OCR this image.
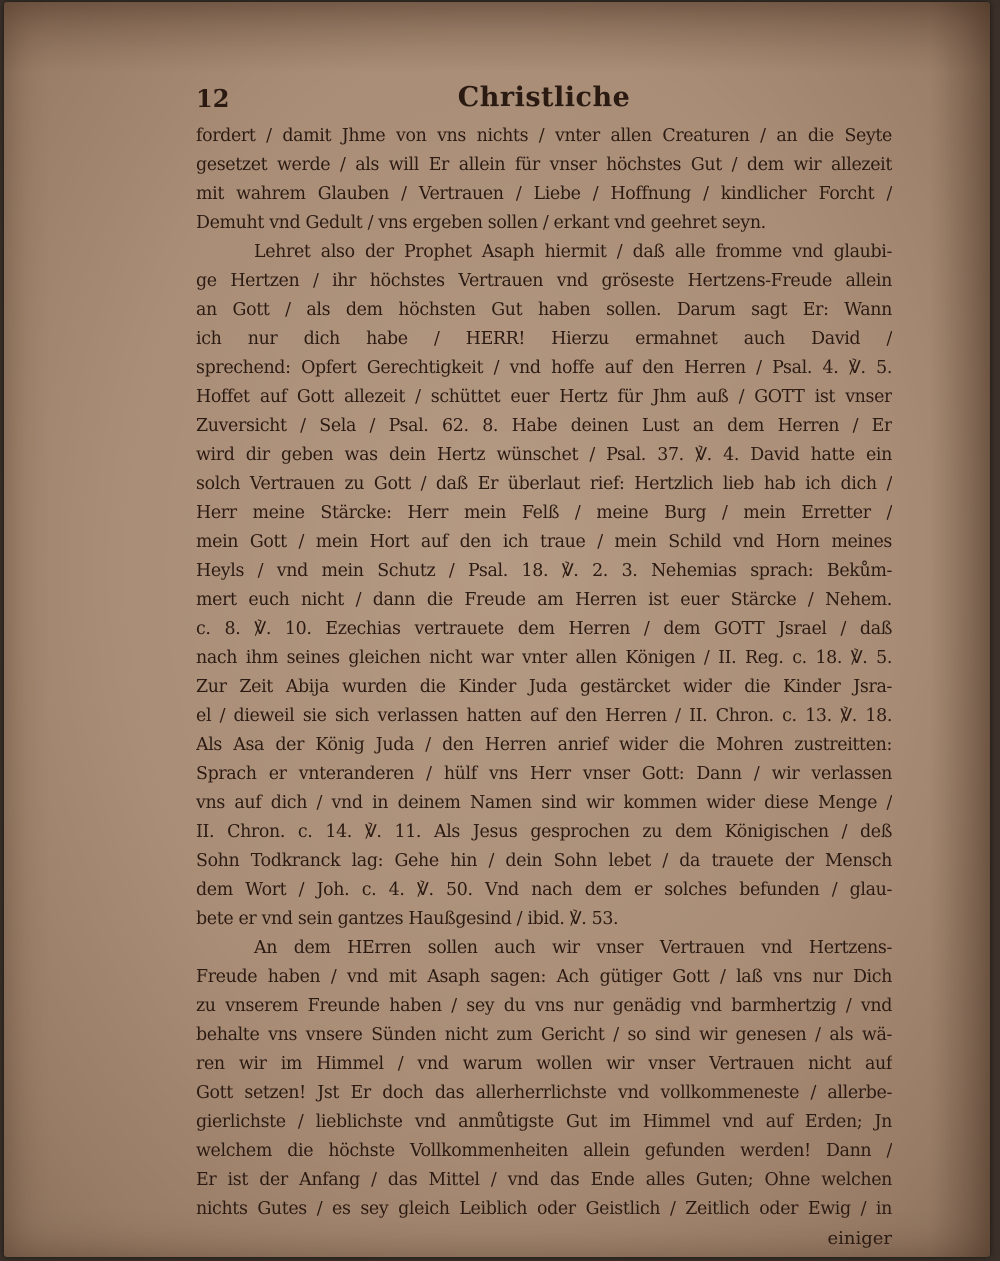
12	Christliche
fordert / damit Jhme von vns nichts / vnter allen Creaturen / an die Seyte
gesetzet werde / als will Er allein für vnser höchstes Gut / dem wir allezeit
mit wahrem Glauben / Vertrauen / Liebe / Hoffnung / kindlicher Forcht /
Demuht vnd Gedult / vns ergeben sollen / erkant vnd geehret seyn.
Lehret also der Prophet Asaph hiermit / daß alle fromme vnd glaubi-
ge Hertzen / ihr höchstes Vertrauen vnd gröseste Hertzens-Freude allein
an Gott / als dem höchsten Gut haben sollen. Darum sagt Er: Wann
ich nur dich habe / HERR! Hierzu ermahnet auch David /
sprechend: Opfert Gerechtigkeit / vnd hoffe auf den Herren / Psal. 4. ℣. 5.
Hoffet auf Gott allezeit / schüttet euer Hertz für Jhm auß / GOTT ist vnser
Zuversicht / Sela / Psal. 62. 8. Habe deinen Lust an dem Herren / Er
wird dir geben was dein Hertz wünschet / Psal. 37. ℣. 4. David hatte ein
solch Vertrauen zu Gott / daß Er überlaut rief: Hertzlich lieb hab ich dich /
Herr meine Stärcke: Herr mein Felß / meine Burg / mein Erretter /
mein Gott / mein Hort auf den ich traue / mein Schild vnd Horn meines
Heyls / vnd mein Schutz / Psal. 18. ℣. 2. 3. Nehemias sprach: Bekům-
mert euch nicht / dann die Freude am Herren ist euer Stärcke / Nehem.
c. 8. ℣. 10. Ezechias vertrauete dem Herren / dem GOTT Jsrael / daß
nach ihm seines gleichen nicht war vnter allen Königen / II. Reg. c. 18. ℣. 5.
Zur Zeit Abija wurden die Kinder Juda gestärcket wider die Kinder Jsra-
el / dieweil sie sich verlassen hatten auf den Herren / II. Chron. c. 13. ℣. 18.
Als Asa der König Juda / den Herren anrief wider die Mohren zustreitten:
Sprach er vnteranderen / hülf vns Herr vnser Gott: Dann / wir verlassen
vns auf dich / vnd in deinem Namen sind wir kommen wider diese Menge /
II. Chron. c. 14. ℣. 11. Als Jesus gesprochen zu dem Königischen / deß
Sohn Todkranck lag: Gehe hin / dein Sohn lebet / da trauete der Mensch
dem Wort / Joh. c. 4. ℣. 50. Vnd nach dem er solches befunden / glau-
bete er vnd sein gantzes Haußgesind / ibid. ℣. 53.
An dem HErren sollen auch wir vnser Vertrauen vnd Hertzens-
Freude haben / vnd mit Asaph sagen: Ach gütiger Gott / laß vns nur Dich
zu vnserem Freunde haben / sey du vns nur genädig vnd barmhertzig / vnd
behalte vns vnsere Sünden nicht zum Gericht / so sind wir genesen / als wä-
ren wir im Himmel / vnd warum wollen wir vnser Vertrauen nicht auf
Gott setzen! Jst Er doch das allerherrlichste vnd vollkommeneste / allerbe-
gierlichste / lieblichste vnd anmůtigste Gut im Himmel vnd auf Erden; Jn
welchem die höchste Vollkommenheiten allein gefunden werden! Dann /
Er ist der Anfang / das Mittel / vnd das Ende alles Guten; Ohne welchen
nichts Gutes / es sey gleich Leiblich oder Geistlich / Zeitlich oder Ewig / in
einiger
